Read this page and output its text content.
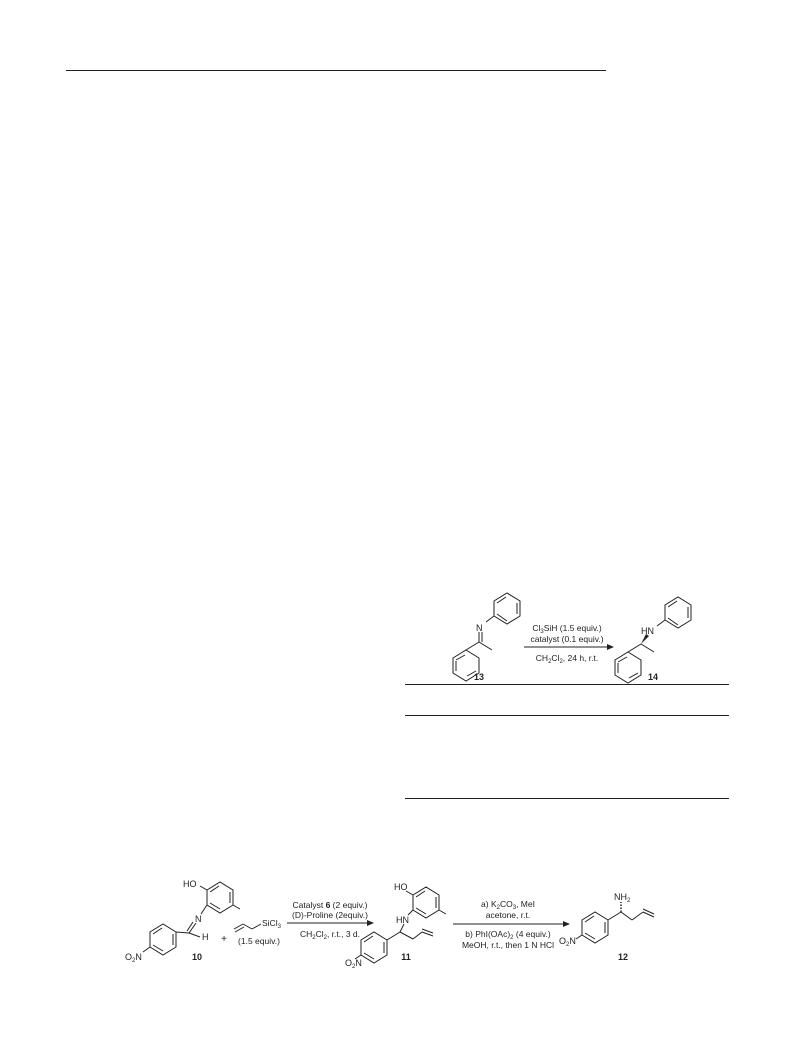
N
13
$Cl_3SiH$ (1.5 equiv.)
catalyst (0.1 equiv.)
$CH_2Cl_2$, 24 h, r.t.
HN
14
HO
N
H
$O_2N$	10
+
SiCl$_3$
(1.5 equiv.)
Catalyst 6 (2 equiv.)
(D)-Proline (2equiv.)
$CH_2Cl_2$, r.t., 3 d.
HO
HN
$O_2N$
11
a) $K_2CO_3$, MeI
acetone, r.t.
b) $PhI(OAc)_2$ (4 equiv.)
MeOH, r.t., then 1 N HCl
$NH_2$
$O_2N$
12
